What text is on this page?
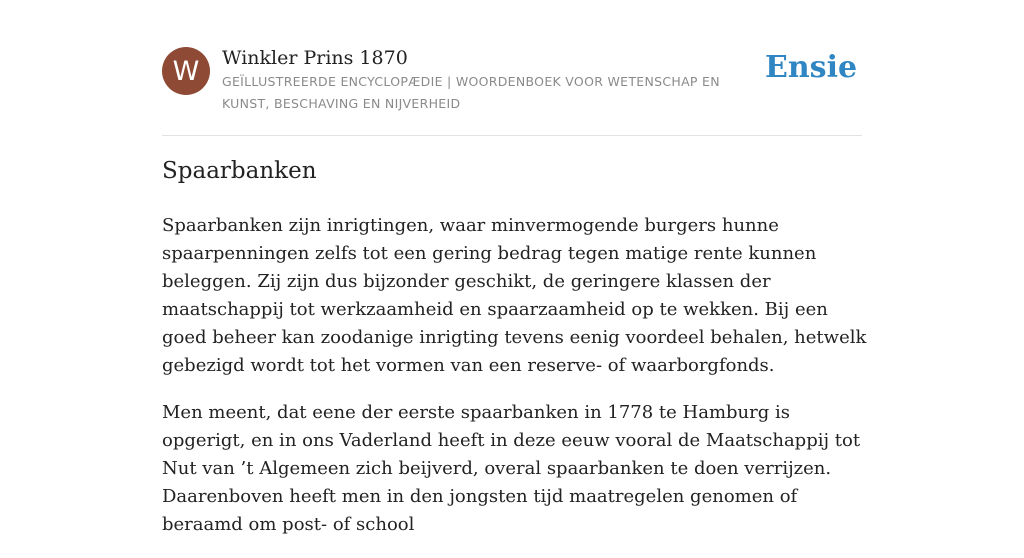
W Winkler Prins 1870
GEÏLLUSTREERDE ENCYCLOPÆDIE | WOORDENBOEK VOOR WETENSCHAP EN KUNST, BESCHAVING EN NIJVERHEID
Ensie
Spaarbanken

Spaarbanken zijn inrigtingen, waar minvermogende burgers hunne spaarpenningen zelfs tot een gering bedrag tegen matige rente kunnen beleggen. Zij zijn dus bijzonder geschikt, de geringere klassen der maatschappij tot werkzaamheid en spaarzaamheid op te wekken. Bij een goed beheer kan zoodanige inrigting tevens eenig voordeel behalen, hetwelk gebezigd wordt tot het vormen van een reserve- of waarborgfonds.

Men meent, dat eene der eerste spaarbanken in 1778 te Hamburg is opgerigt, en in ons Vaderland heeft in deze eeuw vooral de Maatschappij tot Nut van ’t Algemeen zich beijverd, overal spaarbanken te doen verrijzen. Daarenboven heeft men in den jongsten tijd maatregelen genomen of beraamd om post- of school
